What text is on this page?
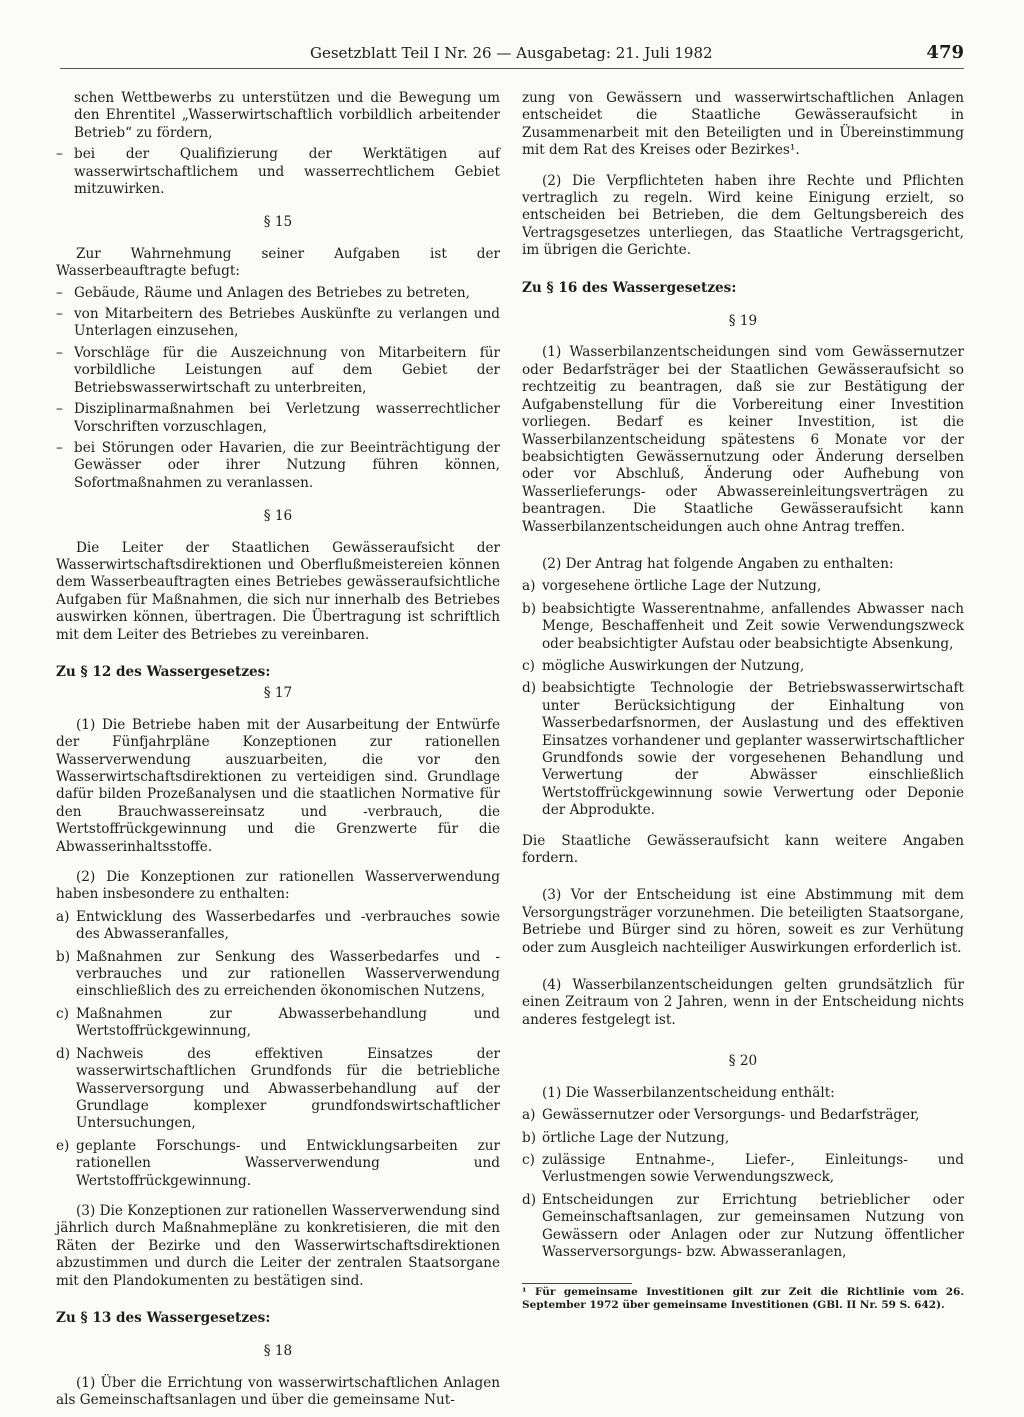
Gesetzblatt Teil I Nr. 26 — Ausgabetag: 21. Juli 1982	479

schen Wettbewerbs zu unterstützen und die Bewegung um den Ehrentitel „Wasserwirtschaftlich vorbildlich arbeitender Betrieb“ zu fördern,

– bei der Qualifizierung der Werktätigen auf wasserwirtschaftlichem und wasserrechtlichem Gebiet mitzuwirken.

§ 15

Zur Wahrnehmung seiner Aufgaben ist der Wasserbeauftragte befugt:

– Gebäude, Räume und Anlagen des Betriebes zu betreten,

– von Mitarbeitern des Betriebes Auskünfte zu verlangen und Unterlagen einzusehen,

– Vorschläge für die Auszeichnung von Mitarbeitern für vorbildliche Leistungen auf dem Gebiet der Betriebswasserwirtschaft zu unterbreiten,

– Disziplinarmaßnahmen bei Verletzung wasserrechtlicher Vorschriften vorzuschlagen,

– bei Störungen oder Havarien, die zur Beeinträchtigung der Gewässer oder ihrer Nutzung führen können, Sofortmaßnahmen zu veranlassen.

§ 16

Die Leiter der Staatlichen Gewässeraufsicht der Wasserwirtschaftsdirektionen und Oberflußmeistereien können dem Wasserbeauftragten eines Betriebes gewässeraufsichtliche Aufgaben für Maßnahmen, die sich nur innerhalb des Betriebes auswirken können, übertragen. Die Übertragung ist schriftlich mit dem Leiter des Betriebes zu vereinbaren.

Zu § 12 des Wassergesetzes:

§ 17

(1) Die Betriebe haben mit der Ausarbeitung der Entwürfe der Fünfjahrpläne Konzeptionen zur rationellen Wasserverwendung auszuarbeiten, die vor den Wasserwirtschaftsdirektionen zu verteidigen sind. Grundlage dafür bilden Prozeßanalysen und die staatlichen Normative für den Brauchwassereinsatz und -verbrauch, die Wertstoffrückgewinnung und die Grenzwerte für die Abwasserinhaltsstoffe.

(2) Die Konzeptionen zur rationellen Wasserverwendung haben insbesondere zu enthalten:

a) Entwicklung des Wasserbedarfes und -verbrauches sowie des Abwasseranfalles,

b) Maßnahmen zur Senkung des Wasserbedarfes und -verbrauches und zur rationellen Wasserverwendung einschließlich des zu erreichenden ökonomischen Nutzens,

c) Maßnahmen zur Abwasserbehandlung und Wertstoffrückgewinnung,

d) Nachweis des effektiven Einsatzes der wasserwirtschaftlichen Grundfonds für die betriebliche Wasserversorgung und Abwasserbehandlung auf der Grundlage komplexer grundfondswirtschaftlicher Untersuchungen,

e) geplante Forschungs- und Entwicklungsarbeiten zur rationellen Wasserverwendung und Wertstoffrückgewinnung.

(3) Die Konzeptionen zur rationellen Wasserverwendung sind jährlich durch Maßnahmepläne zu konkretisieren, die mit den Räten der Bezirke und den Wasserwirtschaftsdirektionen abzustimmen und durch die Leiter der zentralen Staatsorgane mit den Plandokumenten zu bestätigen sind.

Zu § 13 des Wassergesetzes:

§ 18

(1) Über die Errichtung von wasserwirtschaftlichen Anlagen als Gemeinschaftsanlagen und über die gemeinsame Nut-

zung von Gewässern und wasserwirtschaftlichen Anlagen entscheidet die Staatliche Gewässeraufsicht in Zusammenarbeit mit den Beteiligten und in Übereinstimmung mit dem Rat des Kreises oder Bezirkes¹.

(2) Die Verpflichteten haben ihre Rechte und Pflichten vertraglich zu regeln. Wird keine Einigung erzielt, so entscheiden bei Betrieben, die dem Geltungsbereich des Vertragsgesetzes unterliegen, das Staatliche Vertragsgericht, im übrigen die Gerichte.

Zu § 16 des Wassergesetzes:

§ 19

(1) Wasserbilanzentscheidungen sind vom Gewässernutzer oder Bedarfsträger bei der Staatlichen Gewässeraufsicht so rechtzeitig zu beantragen, daß sie zur Bestätigung der Aufgabenstellung für die Vorbereitung einer Investition vorliegen. Bedarf es keiner Investition, ist die Wasserbilanzentscheidung spätestens 6 Monate vor der beabsichtigten Gewässernutzung oder Änderung derselben oder vor Abschluß, Änderung oder Aufhebung von Wasserlieferungs- oder Abwassereinleitungsverträgen zu beantragen. Die Staatliche Gewässeraufsicht kann Wasserbilanzentscheidungen auch ohne Antrag treffen.

(2) Der Antrag hat folgende Angaben zu enthalten:

a) vorgesehene örtliche Lage der Nutzung,

b) beabsichtigte Wasserentnahme, anfallendes Abwasser nach Menge, Beschaffenheit und Zeit sowie Verwendungszweck oder beabsichtigter Aufstau oder beabsichtigte Absenkung,

c) mögliche Auswirkungen der Nutzung,

d) beabsichtigte Technologie der Betriebswasserwirtschaft unter Berücksichtigung der Einhaltung von Wasserbedarfsnormen, der Auslastung und des effektiven Einsatzes vorhandener und geplanter wasserwirtschaftlicher Grundfonds sowie der vorgesehenen Behandlung und Verwertung der Abwässer einschließlich Wertstoffrückgewinnung sowie Verwertung oder Deponie der Abprodukte.

Die Staatliche Gewässeraufsicht kann weitere Angaben fordern.

(3) Vor der Entscheidung ist eine Abstimmung mit dem Versorgungsträger vorzunehmen. Die beteiligten Staatsorgane, Betriebe und Bürger sind zu hören, soweit es zur Verhütung oder zum Ausgleich nachteiliger Auswirkungen erforderlich ist.

(4) Wasserbilanzentscheidungen gelten grundsätzlich für einen Zeitraum von 2 Jahren, wenn in der Entscheidung nichts anderes festgelegt ist.

§ 20

(1) Die Wasserbilanzentscheidung enthält:

a) Gewässernutzer oder Versorgungs- und Bedarfsträger,

b) örtliche Lage der Nutzung,

c) zulässige Entnahme-, Liefer-, Einleitungs- und Verlustmengen sowie Verwendungszweck,

d) Entscheidungen zur Errichtung betrieblicher oder Gemeinschaftsanlagen, zur gemeinsamen Nutzung von Gewässern oder Anlagen oder zur Nutzung öffentlicher Wasserversorgungs- bzw. Abwasseranlagen,

¹ Für gemeinsame Investitionen gilt zur Zeit die Richtlinie vom 26. September 1972 über gemeinsame Investitionen (GBl. II Nr. 59 S. 642).
